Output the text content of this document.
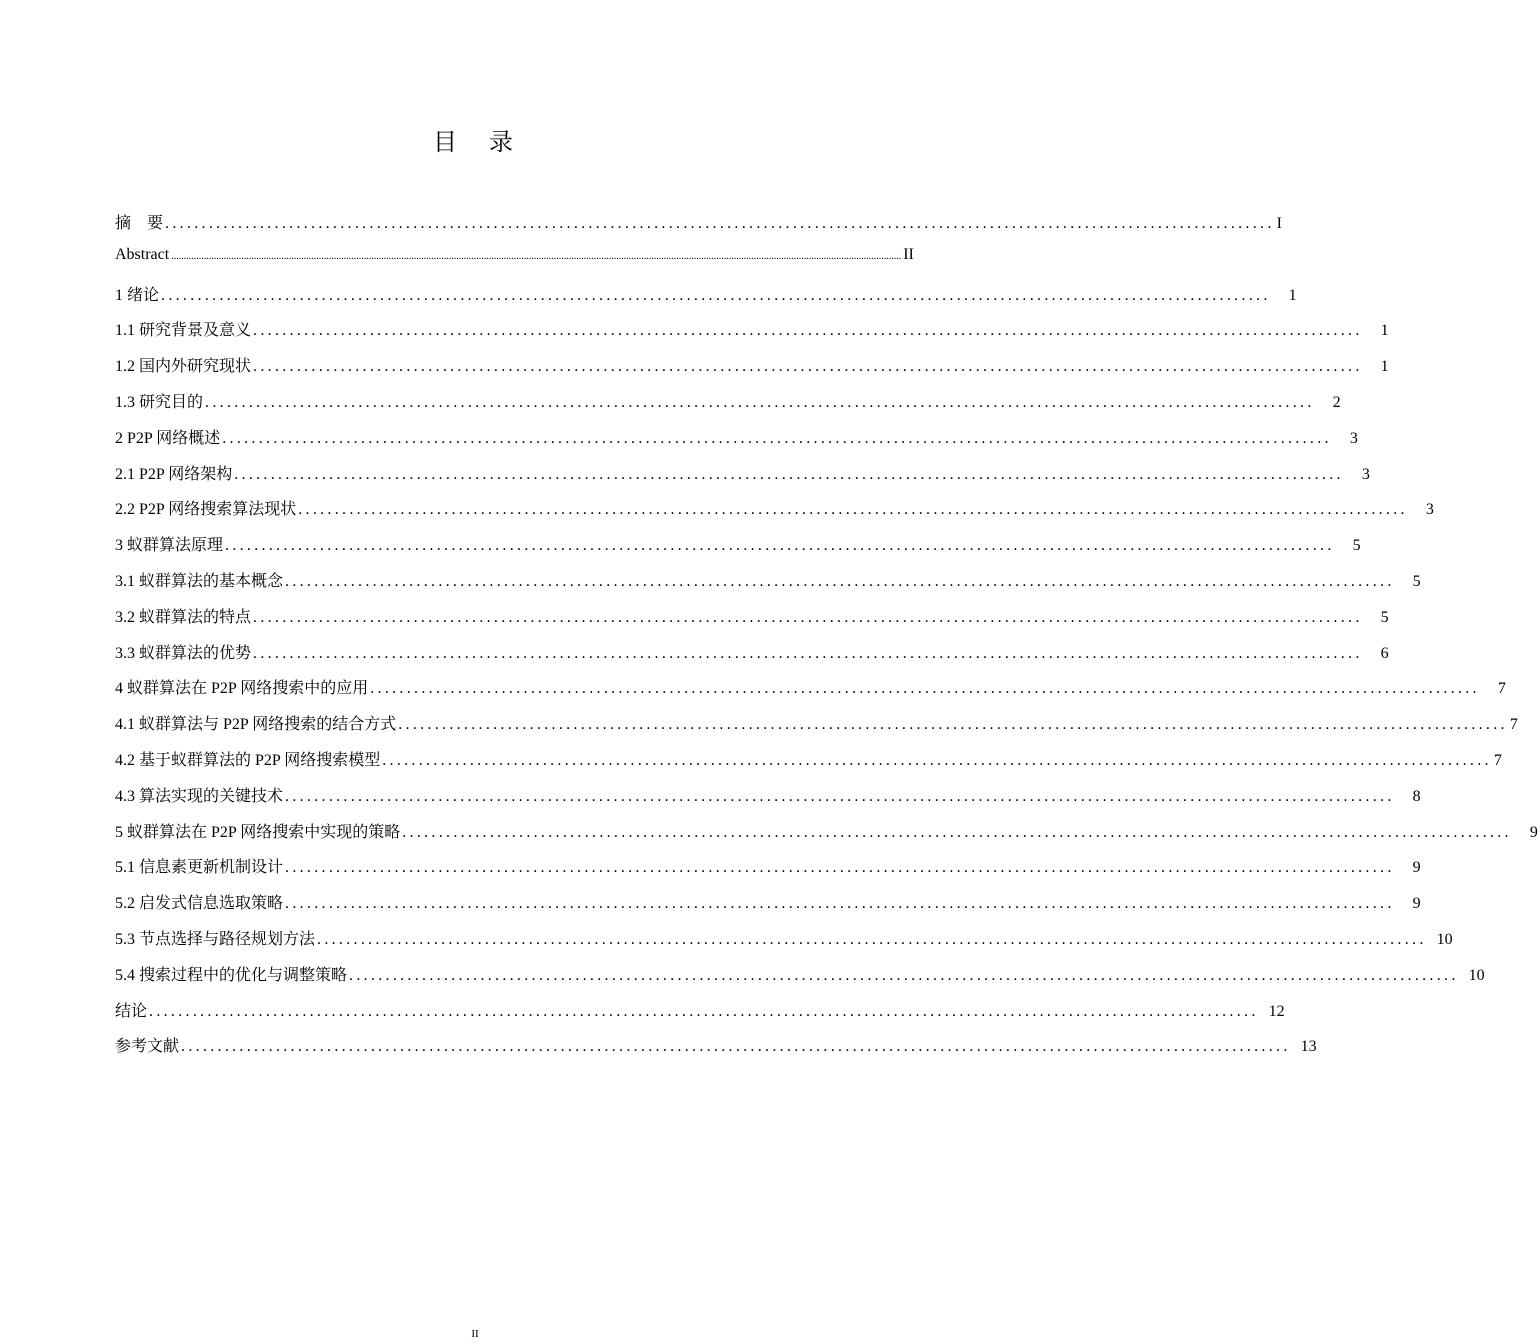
目　录
摘　要 ........................................................................................................................................................ I
Abstract .................................................................................................................................................................................................................................................................................................... II
1 绪论 ........................................................................................................................................................	1
1.1 研究背景及意义 ........................................................................................................................................................	1
1.2 国内外研究现状 ........................................................................................................................................................	1
1.3 研究目的 ........................................................................................................................................................	2
2 P2P 网络概述 ........................................................................................................................................................	3
2.1 P2P 网络架构 ........................................................................................................................................................	3
2.2 P2P 网络搜索算法现状 ........................................................................................................................................................	3
3 蚁群算法原理 ........................................................................................................................................................	5
3.1 蚁群算法的基本概念 ........................................................................................................................................................	5
3.2 蚁群算法的特点 ........................................................................................................................................................	5
3.3 蚁群算法的优势 ........................................................................................................................................................	6
4 蚁群算法在 P2P 网络搜索中的应用 ........................................................................................................................................................	7
4.1 蚁群算法与 P2P 网络搜索的结合方式 ........................................................................................................................................................ 7
4.2 基于蚁群算法的 P2P 网络搜索模型 ........................................................................................................................................................ 7
4.3 算法实现的关键技术 ........................................................................................................................................................	8
5 蚁群算法在 P2P 网络搜索中实现的策略 ........................................................................................................................................................	9
5.1 信息素更新机制设计 ........................................................................................................................................................	9
5.2 启发式信息选取策略 ........................................................................................................................................................	9
5.3 节点选择与路径规划方法 ........................................................................................................................................................ 10
5.4 搜索过程中的优化与调整策略 ........................................................................................................................................................ 10
结论 ........................................................................................................................................................ 12
参考文献 ........................................................................................................................................................ 13
II
